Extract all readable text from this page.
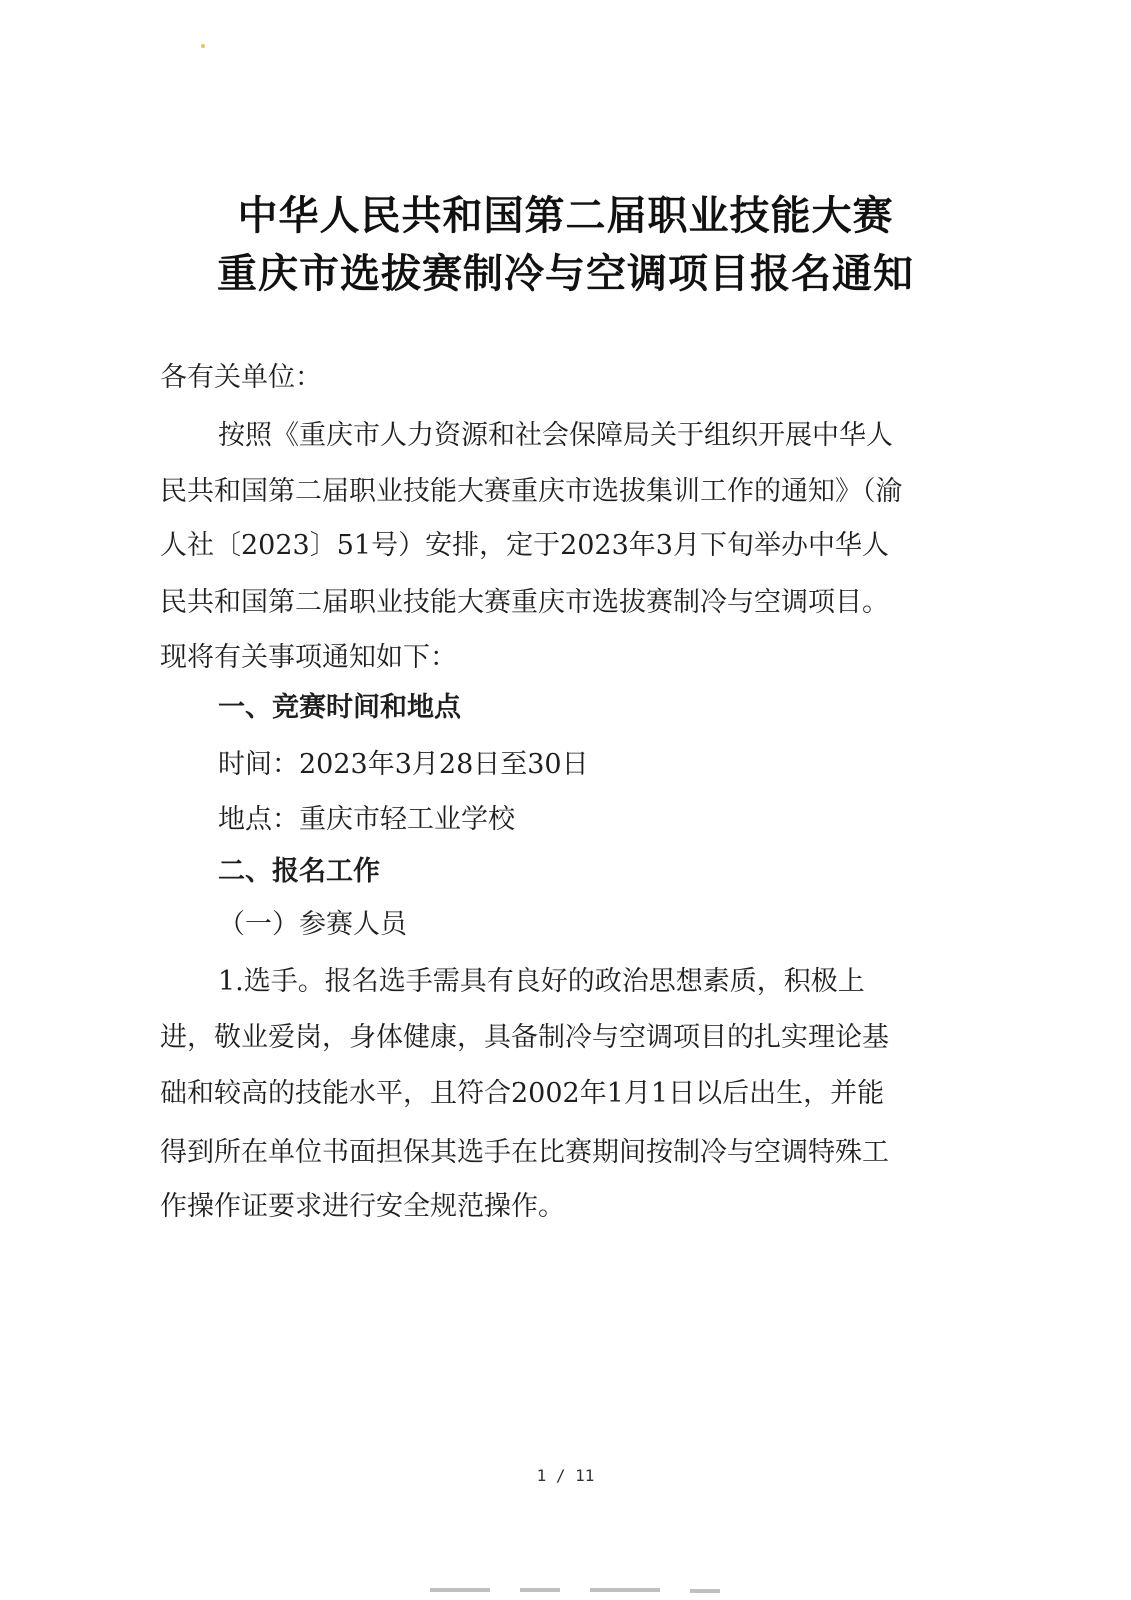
中华人民共和国第二届职业技能大赛
重庆市选拔赛制冷与空调项目报名通知
各有关单位：
按照《重庆市人力资源和社会保障局关于组织开展中华人
民共和国第二届职业技能大赛重庆市选拔集训工作的通知》（渝
人社〔2023〕51号）安排，定于2023年3月下旬举办中华人
民共和国第二届职业技能大赛重庆市选拔赛制冷与空调项目。
现将有关事项通知如下：
一、竞赛时间和地点
时间：2023年3月28日至30日
地点：重庆市轻工业学校
二、报名工作
（一）参赛人员
1.选手。报名选手需具有良好的政治思想素质，积极上
进，敬业爱岗，身体健康，具备制冷与空调项目的扎实理论基
础和较高的技能水平，且符合2002年1月1日以后出生，并能
得到所在单位书面担保其选手在比赛期间按制冷与空调特殊工
作操作证要求进行安全规范操作。
1 / 11
